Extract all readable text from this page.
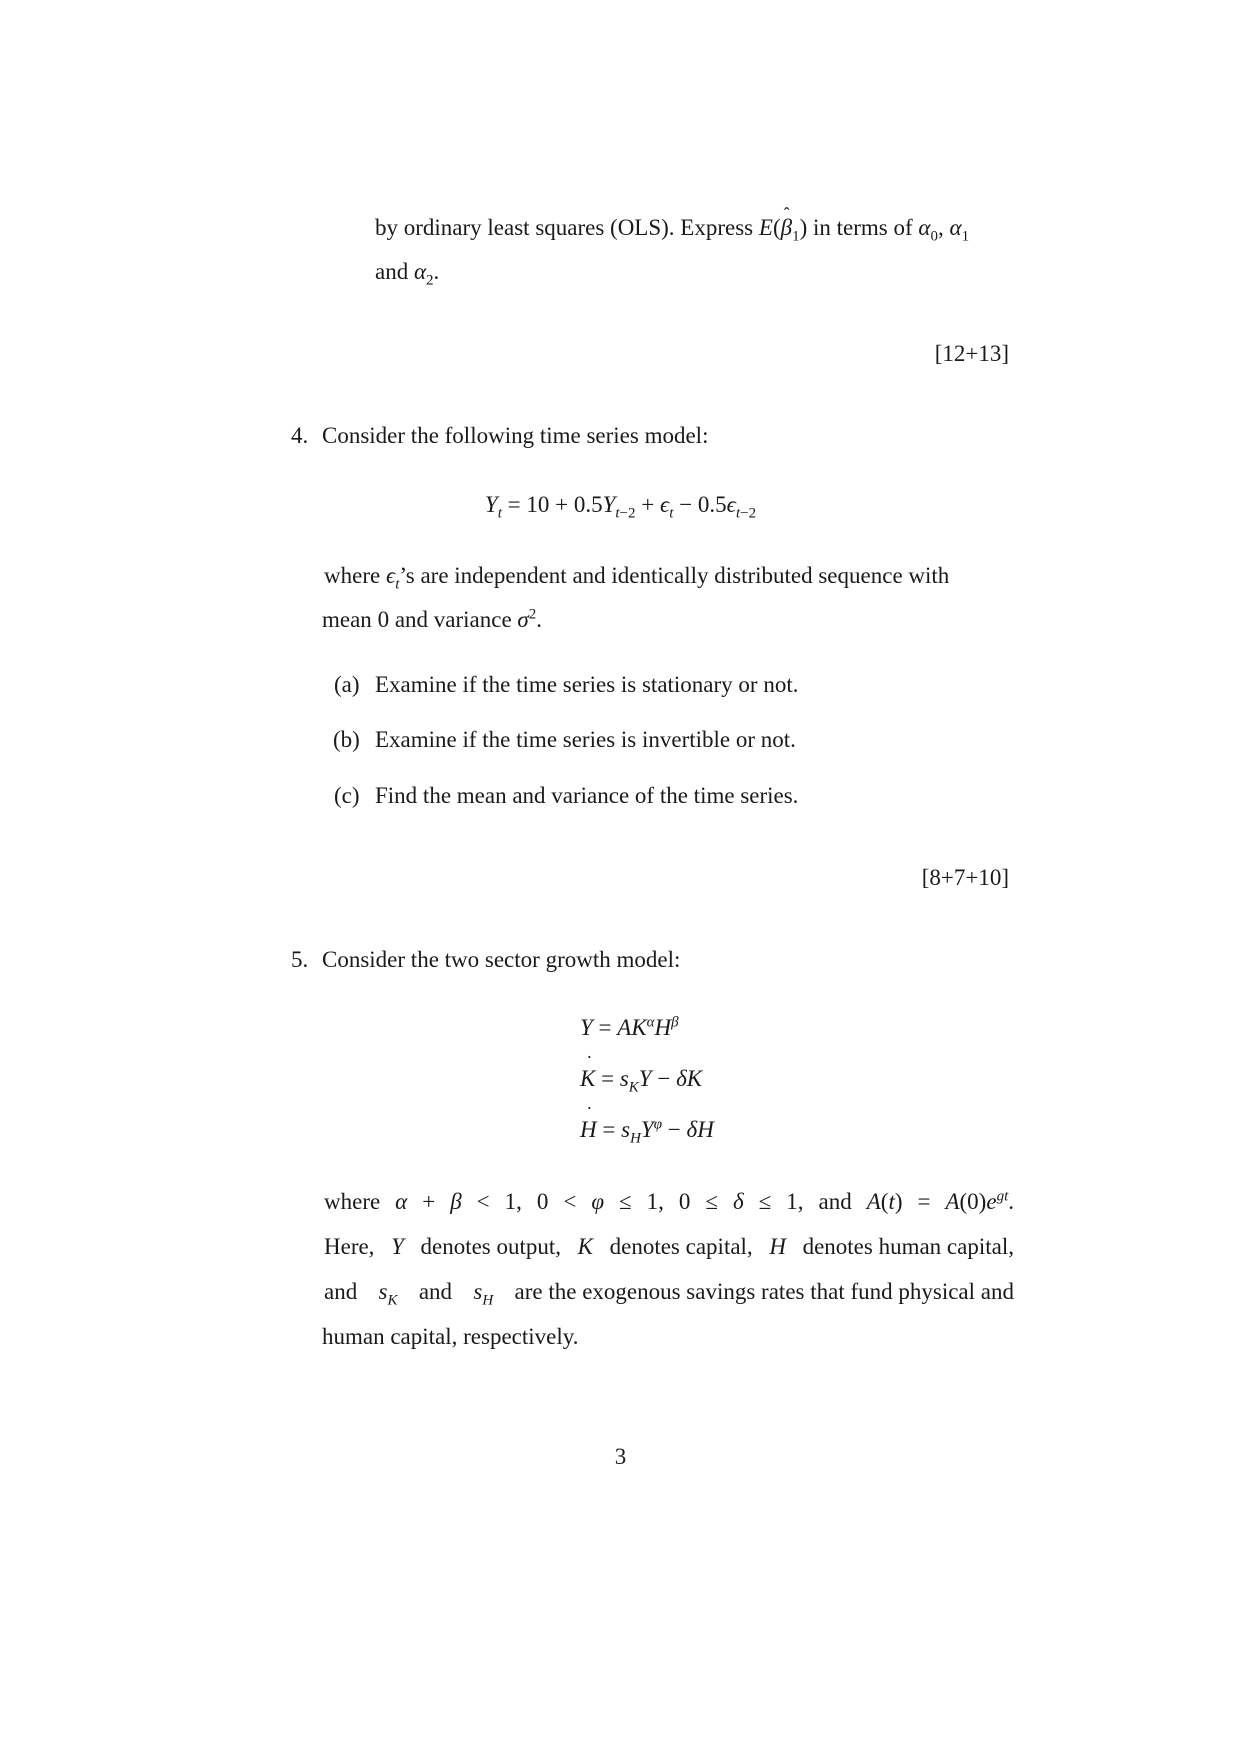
by ordinary least squares (OLS). Express E(ˆ $\beta_1$) in terms of $\alpha_0$, $\alpha_1$
and $\alpha_2$.
[12+13]
4. Consider the following time series model:
$Y_t = 10 + 0.5Y_{t-2} + \epsilon_t - 0.5\epsilon_{t-2}$
where $\epsilon_t’s$ are independent and identically distributed sequence with
mean 0 and variance $\sigma^2$.
(a) Examine if the time series is stationary or not.
(b) Examine if the time series is invertible or not.
(c) Find the mean and variance of the time series.
[8+7+10]
5. Consider the two sector growth model:
$Y = AK^\alpha H^\beta$
˙ $K = s_KY - \delta K$
˙ $H = s_HY^\varphi - \delta H$
where α + β < 1, 0 < φ ≤ 1, 0 ≤ δ ≤ 1, and $A(t) = A(0)e^{gt}$.
Here, Y denotes output, K denotes capital, H denotes human capital,
and $s_K$ and $s_H$ are the exogenous savings rates that fund physical and
human capital, respectively.
3
